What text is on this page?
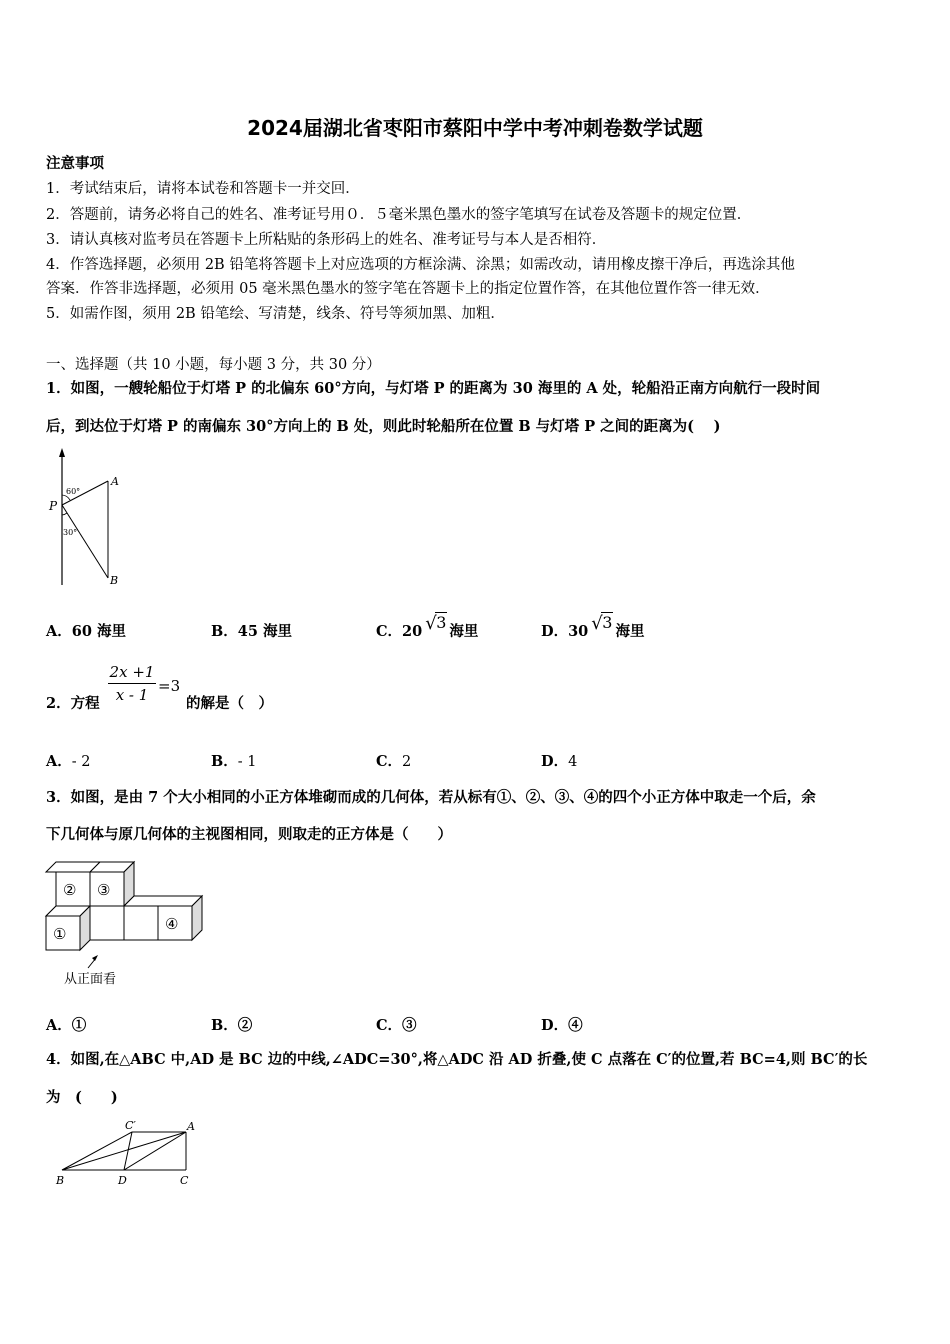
2024届湖北省枣阳市蔡阳中学中考冲刺卷数学试题
注意事项
1．考试结束后，请将本试卷和答题卡一并交回．
2．答题前，请务必将自己的姓名、准考证号用０．５毫米黑色墨水的签字笔填写在试卷及答题卡的规定位置．
3．请认真核对监考员在答题卡上所粘贴的条形码上的姓名、准考证号与本人是否相符．
4．作答选择题，必须用 2B 铅笔将答题卡上对应选项的方框涂满、涂黑；如需改动，请用橡皮擦干净后，再选涂其他
答案．作答非选择题，必须用 05 毫米黑色墨水的签字笔在答题卡上的指定位置作答，在其他位置作答一律无效．
5．如需作图，须用 2B 铅笔绘、写清楚，线条、符号等须加黑、加粗．
一、选择题（共 10 小题，每小题 3 分，共 30 分）
1．如图，一艘轮船位于灯塔 P 的北偏东 60°方向，与灯塔 P 的距离为 30 海里的 A 处，轮船沿正南方向航行一段时间
后，到达位于灯塔 P 的南偏东 30°方向上的 B 处，则此时轮船所在位置 B 与灯塔 P 之间的距离为(　 )
P
A
B
60°
30°
A．60 海里	B．45 海里	C．20 √ 3 海里	D．30 √ 3 海里
2．方程 $\frac{2x +1}{x - 1} =3$
的解是（　）
A．- 2	B．- 1	C．2	D．4
3．如图，是由 7 个大小相同的小正方体堆砌而成的几何体，若从标有①、②、③、④的四个小正方体中取走一个后，余
下几何体与原几何体的主视图相同，则取走的正方体是（　　）
② ③
④
①
从正面看
A．①	B．②	C．③	D．④
4．如图,在△ABC 中,AD 是 BC 边的中线,∠ADC=30°,将△ADC 沿 AD 折叠,使 C 点落在 C′的位置,若 BC=4,则 BC′的长
为　(　　)
B	D	C
C′	A
